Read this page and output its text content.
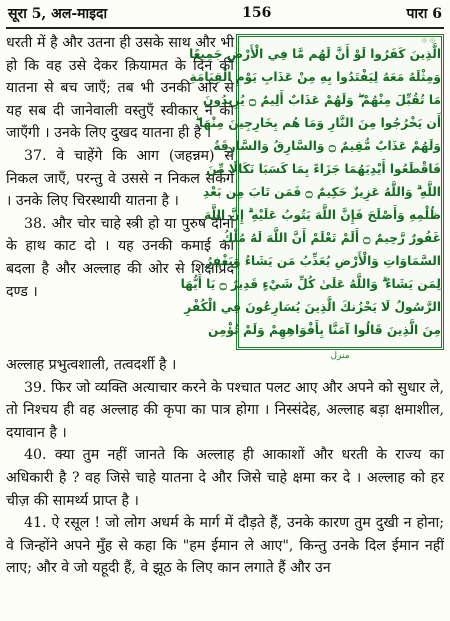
सूरा 5, अल-माइदा	156	पारा 6

धरती में है और उतना ही उसके साथ और भी हो कि वह उसे देकर क़ियामत के दिन की यातना से बच जाएँ; तब भी उनकी ओर से यह सब दी जानेवाली वस्तुएँ स्वीकार न की जाएँगी । उनके लिए दुखद यातना ही है ।

37. वे चाहेंगे कि आग (जहन्नम) से निकल जाएँ, परन्तु वे उससे न निकल सकेंगे । उनके लिए चिरस्थायी यातना है ।

38. और चोर चाहे स्त्री हो या पुरुष दोनों के हाथ काट दो । यह उनकी कमाई का बदला है और अल्लाह की ओर से शिक्षाप्रद दण्ड ।

۞ ۞
الَّذِينَ كَفَرُوا لَوْ أَنَّ لَهُم مَّا فِي الْأَرْضِ جَمِيعًا
وَمِثْلَهُ مَعَهُ لِيَفْتَدُوا بِهِ مِنْ عَذَابِ يَوْمِ الْقِيَامَةِ
مَا تُقُبِّلَ مِنْهُمْ ۖ وَلَهُمْ عَذَابٌ أَلِيمٌ ۝ يُرِيدُونَ
أَن يَخْرُجُوا مِنَ النَّارِ وَمَا هُم بِخَارِجِينَ مِنْهَا ۖ
وَلَهُمْ عَذَابٌ مُّقِيمٌ ۝ وَالسَّارِقُ وَالسَّارِقَةُ
فَاقْطَعُوا أَيْدِيَهُمَا جَزَاءً بِمَا كَسَبَا نَكَالًا مِّنَ
اللَّهِ ۗ وَاللَّهُ عَزِيزٌ حَكِيمٌ ۝ فَمَن تَابَ مِن بَعْدِ
ظُلْمِهِ وَأَصْلَحَ فَإِنَّ اللَّهَ يَتُوبُ عَلَيْهِ ۗ إِنَّ اللَّهَ
غَفُورٌ رَّحِيمٌ ۝ أَلَمْ تَعْلَمْ أَنَّ اللَّهَ لَهُ مُلْكُ
السَّمَاوَاتِ وَالْأَرْضِ يُعَذِّبُ مَن يَشَاءُ وَيَغْفِرُ
لِمَن يَشَاءُ ۗ وَاللَّهُ عَلَىٰ كُلِّ شَيْءٍ قَدِيرٌ ۝ يَا أَيُّهَا
الرَّسُولُ لَا يَحْزُنكَ الَّذِينَ يُسَارِعُونَ فِي الْكُفْرِ
مِنَ الَّذِينَ قَالُوا آمَنَّا بِأَفْوَاهِهِمْ وَلَمْ تُؤْمِن
منزل

अल्लाह प्रभुत्वशाली, तत्वदर्शी है ।

39. फिर जो व्यक्ति अत्याचार करने के पश्चात पलट आए और अपने को सुधार ले, तो निश्चय ही वह अल्लाह की कृपा का पात्र होगा । निस्संदेह, अल्लाह बड़ा क्षमाशील, दयावान है ।

40. क्या तुम नहीं जानते कि अल्लाह ही आकाशों और धरती के राज्य का अधिकारी है ? वह जिसे चाहे यातना दे और जिसे चाहे क्षमा कर दे । अल्लाह को हर चीज़ की सामर्थ्य प्राप्त है ।

41. ऐ रसूल ! जो लोग अधर्म के मार्ग में दौड़ते हैं, उनके कारण तुम दुखी न होना; वे जिन्होंने अपने मुँह से कहा कि "हम ईमान ले आए", किन्तु उनके दिल ईमान नहीं लाए; और वे जो यहूदी हैं, वे झूठ के लिए कान लगाते हैं और उन
